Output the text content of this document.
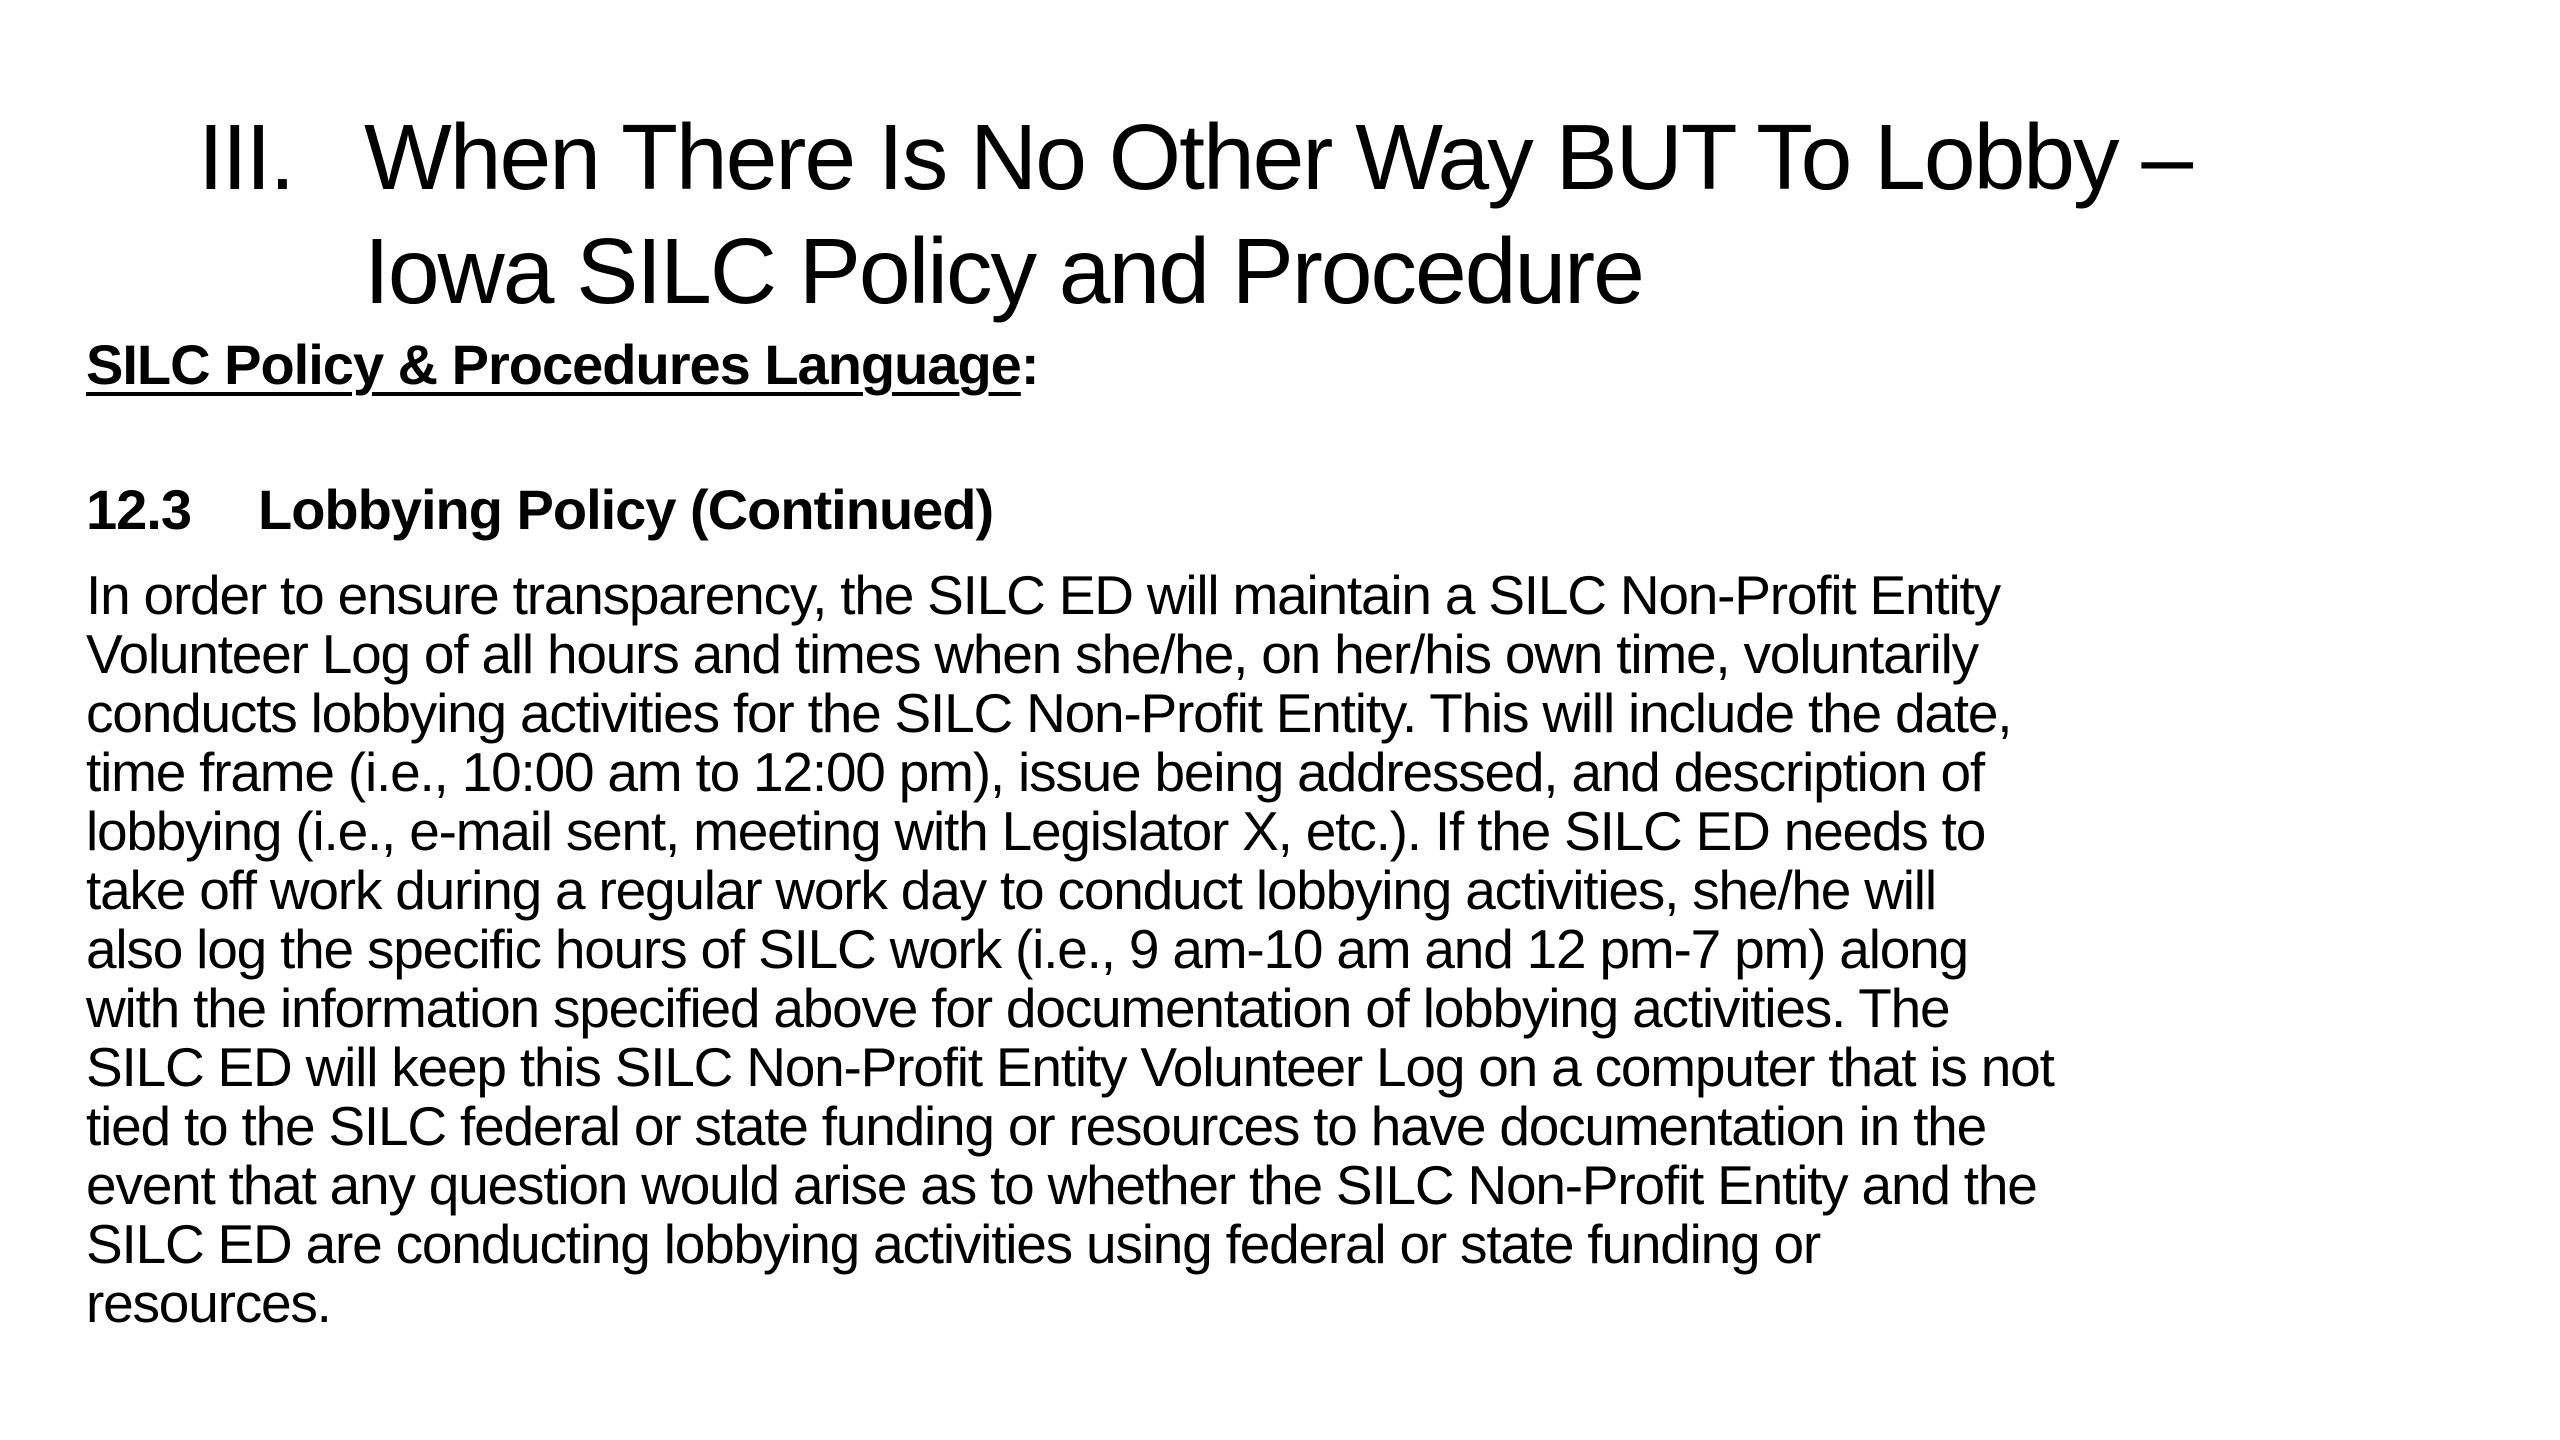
III. When There Is No Other Way BUT To Lobby –
Iowa SILC Policy and Procedure

SILC Policy & Procedures Language:

12.3 Lobbying Policy (Continued)

In order to ensure transparency, the SILC ED will maintain a SILC Non-Profit Entity
Volunteer Log of all hours and times when she/he, on her/his own time, voluntarily
conducts lobbying activities for the SILC Non-Profit Entity. This will include the date,
time frame (i.e., 10:00 am to 12:00 pm), issue being addressed, and description of
lobbying (i.e., e-mail sent, meeting with Legislator X, etc.). If the SILC ED needs to
take off work during a regular work day to conduct lobbying activities, she/he will
also log the specific hours of SILC work (i.e., 9 am-10 am and 12 pm-7 pm) along
with the information specified above for documentation of lobbying activities. The
SILC ED will keep this SILC Non-Profit Entity Volunteer Log on a computer that is not
tied to the SILC federal or state funding or resources to have documentation in the
event that any question would arise as to whether the SILC Non-Profit Entity and the
SILC ED are conducting lobbying activities using federal or state funding or
resources.
